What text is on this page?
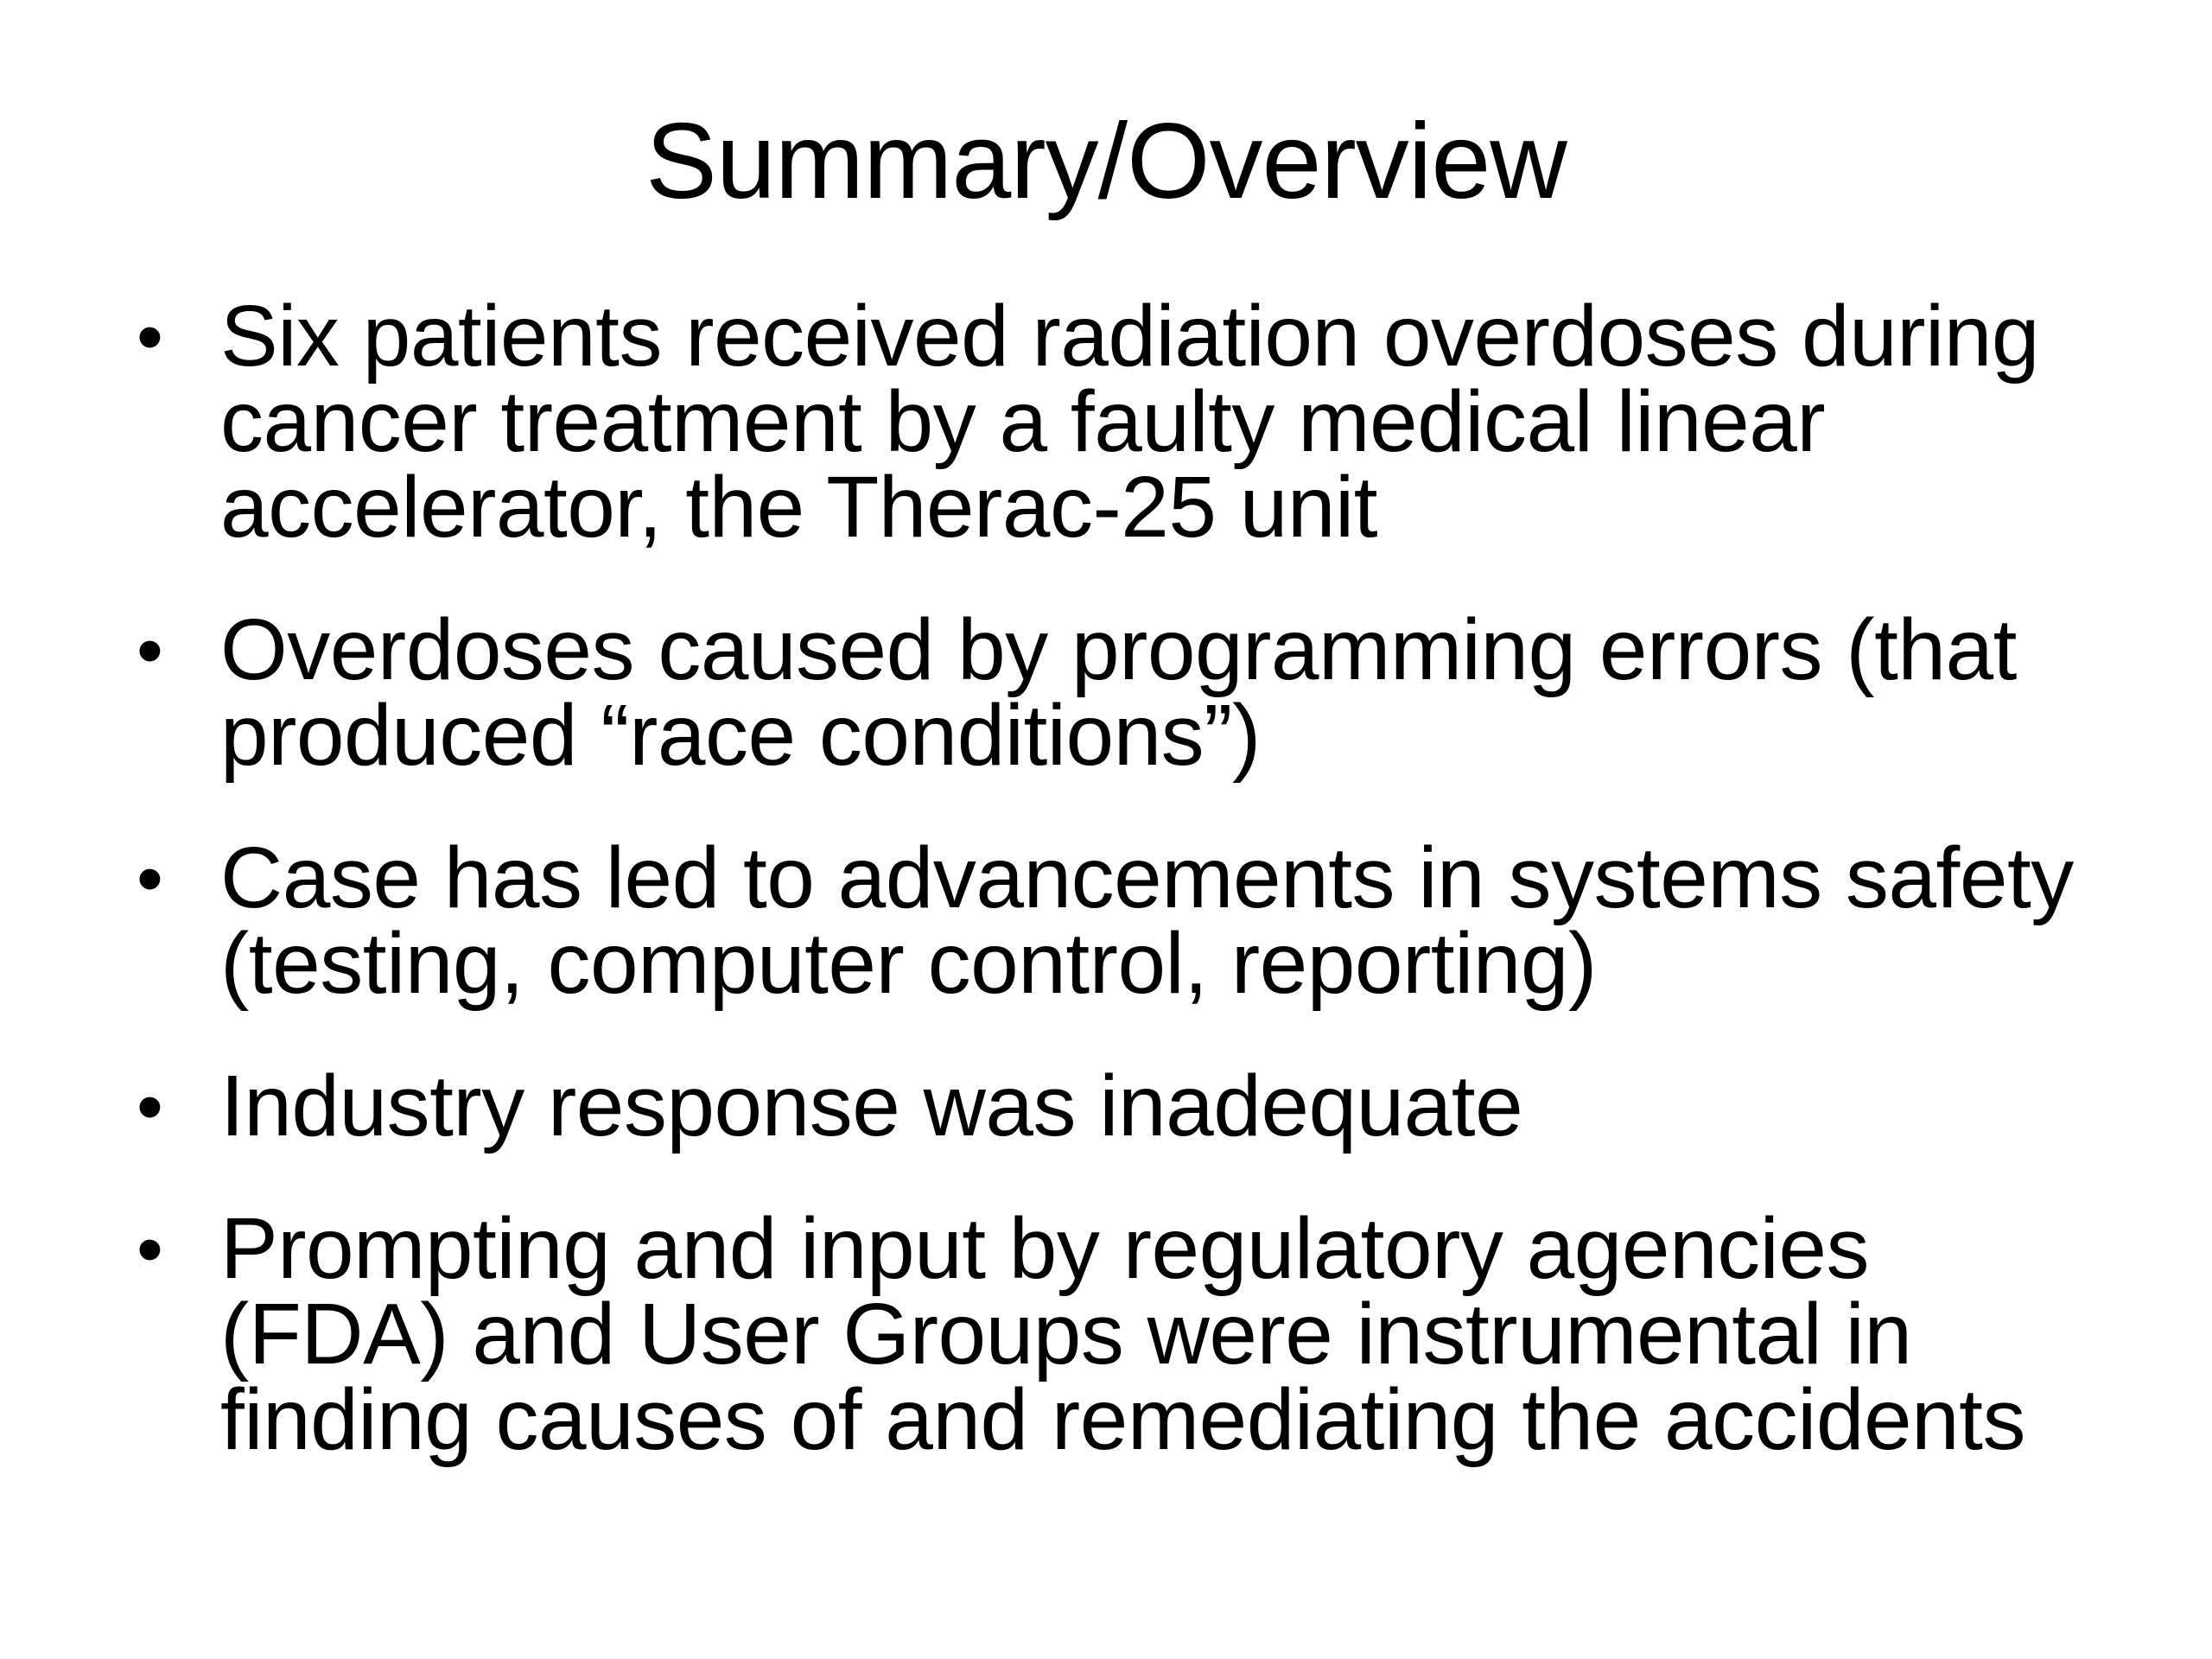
Summary/Overview
• Six patients received radiation overdoses during cancer treatment by a faulty medical linear accelerator, the Therac-25 unit
• Overdoses caused by programming errors (that produced “race conditions”)
• Case has led to advancements in systems safety (testing, computer control, reporting)
• Industry response was inadequate
• Prompting and input by regulatory agencies (FDA) and User Groups were instrumental in finding causes of and remediating the accidents
